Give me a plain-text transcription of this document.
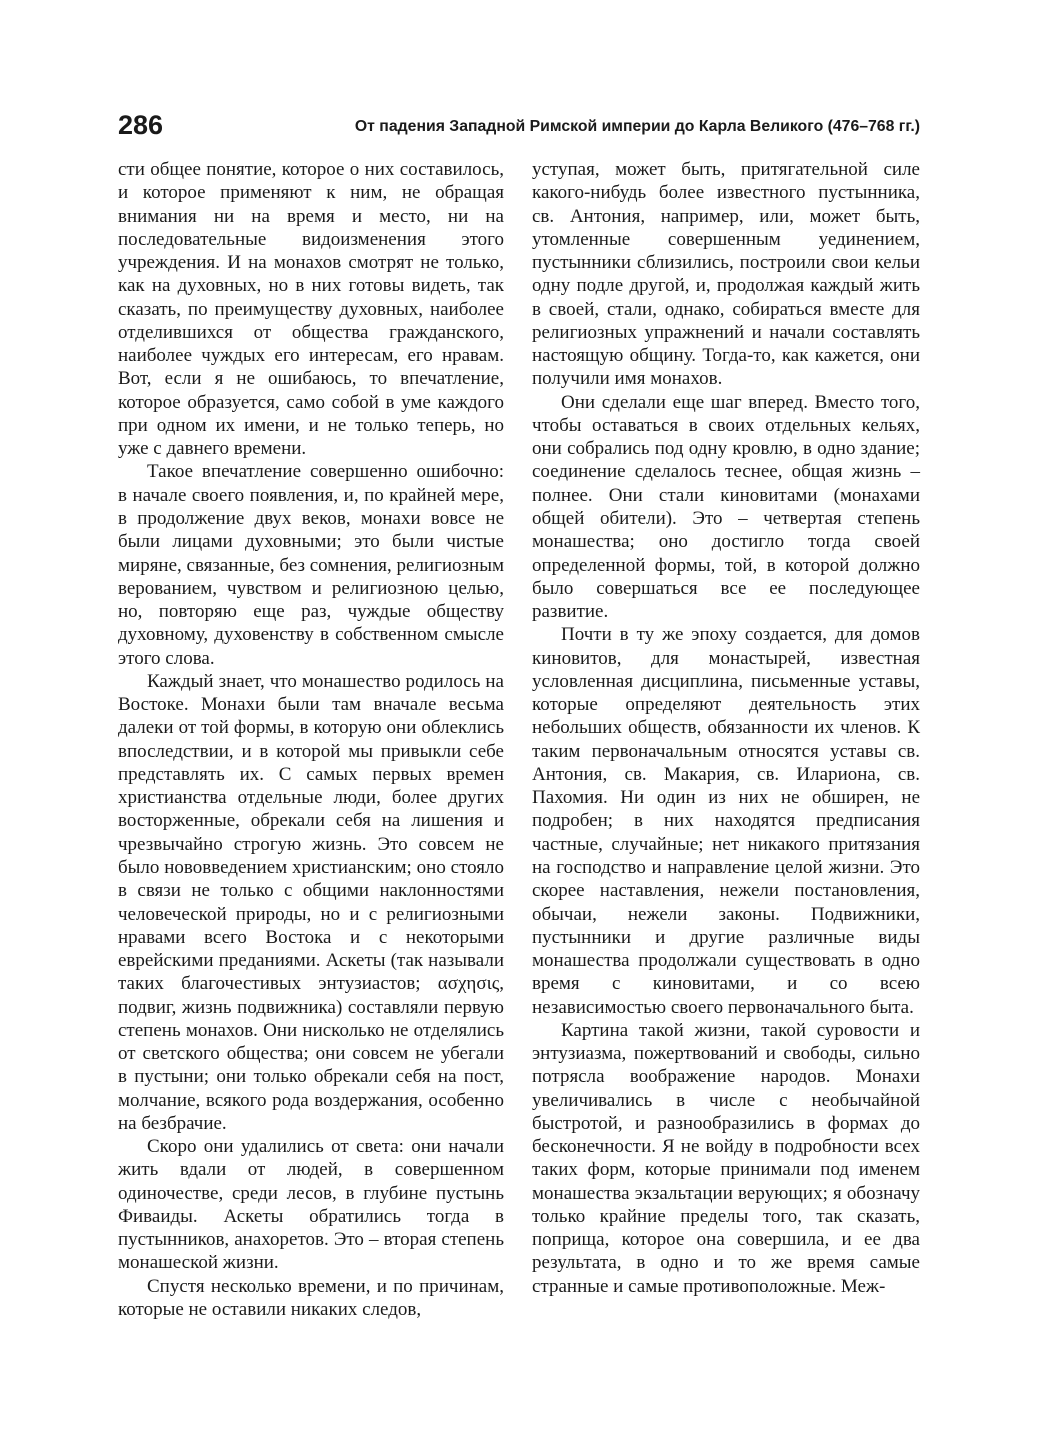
286	От падения Западной Римской империи до Карла Великого (476–768 гг.)

сти общее понятие, которое о них составилось, и которое применяют к ним, не обращая внимания ни на время и место, ни на последовательные видоизменения этого учреждения. И на монахов смотрят не только, как на духовных, но в них готовы видеть, так сказать, по преимуществу духовных, наиболее отделившихся от общества гражданского, наиболее чуждых его интересам, его нравам. Вот, если я не ошибаюсь, то впечатление, которое образуется, само собой в уме каждого при одном их имени, и не только теперь, но уже с давнего времени.

Такое впечатление совершенно ошибочно: в начале своего появления, и, по крайней мере, в продолжение двух веков, монахи вовсе не были лицами духовными; это были чистые миряне, связанные, без сомнения, религиозным верованием, чувством и религиозною целью, но, повторяю еще раз, чуждые обществу духовному, духовенству в собственном смысле этого слова.

Каждый знает, что монашество родилось на Востоке. Монахи были там вначале весьма далеки от той формы, в которую они облеклись впоследствии, и в которой мы привыкли себе представлять их. С самых первых времен христианства отдельные люди, более других восторженные, обрекали себя на лишения и чрезвычайно строгую жизнь. Это совсем не было нововведением христианским; оно стояло в связи не только с общими наклонностями человеческой природы, но и с религиозными нравами всего Востока и с некоторыми еврейскими преданиями. Аскеты (так называли таких благочестивых энтузиастов; ασχησις, подвиг, жизнь подвижника) составляли первую степень монахов. Они нисколько не отделялись от светского общества; они совсем не убегали в пустыни; они только обрекали себя на пост, молчание, всякого рода воздержания, особенно на безбрачие.

Скоро они удалились от света: они начали жить вдали от людей, в совершенном одиночестве, среди лесов, в глубине пустынь Фиваиды. Аскеты обратились тогда в пустынников, анахоретов. Это – вторая степень монашеской жизни.

Спустя несколько времени, и по причинам, которые не оставили никаких следов,

уступая, может быть, притягательной силе какого-нибудь более известного пустынника, св. Антония, например, или, может быть, утомленные совершенным уединением, пустынники сблизились, построили свои кельи одну подле другой, и, продолжая каждый жить в своей, стали, однако, собираться вместе для религиозных упражнений и начали составлять настоящую общину. Тогда-то, как кажется, они получили имя монахов.

Они сделали еще шаг вперед. Вместо того, чтобы оставаться в своих отдельных кельях, они собрались под одну кровлю, в одно здание; соединение сделалось теснее, общая жизнь – полнее. Они стали киновитами (монахами общей обители). Это – четвертая степень монашества; оно достигло тогда своей определенной формы, той, в которой должно было совершаться все ее последующее развитие.

Почти в ту же эпоху создается, для домов киновитов, для монастырей, известная условленная дисциплина, письменные уставы, которые определяют деятельность этих небольших обществ, обязанности их членов. К таким первоначальным относятся уставы св. Антония, св. Макария, св. Илариона, св. Пахомия. Ни один из них не обширен, не подробен; в них находятся предписания частные, случайные; нет никакого притязания на господство и направление целой жизни. Это скорее наставления, нежели постановления, обычаи, нежели законы. Подвижники, пустынники и другие различные виды монашества продолжали существовать в одно время с киновитами, и со всею независимостью своего первоначального быта.

Картина такой жизни, такой суровости и энтузиазма, пожертвований и свободы, сильно потрясла воображение народов. Монахи увеличивались в числе с необычайной быстротой, и разнообразились в формах до бесконечности. Я не войду в подробности всех таких форм, которые принимали под именем монашества экзальтации верующих; я обозначу только крайние пределы того, так сказать, поприща, которое она совершила, и ее два результата, в одно и то же время самые странные и самые противоположные. Меж-
